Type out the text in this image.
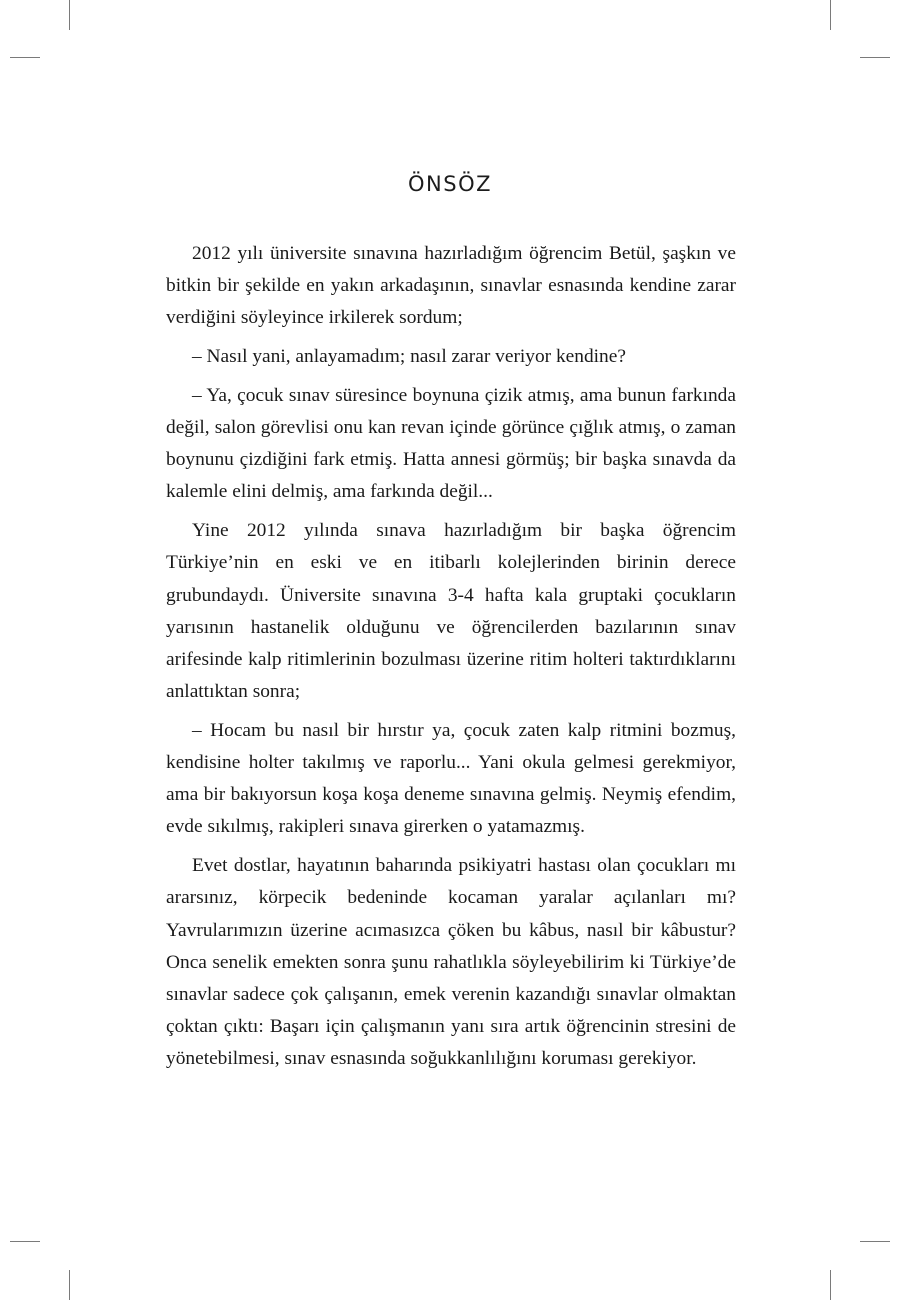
ÖNSÖZ

2012 yılı üniversite sınavına hazırladığım öğrencim Betül, şaşkın ve bitkin bir şekilde en yakın arkadaşının, sınavlar esnasında kendine zarar verdiğini söyleyince irkilerek sordum;

– Nasıl yani, anlayamadım; nasıl zarar veriyor kendine?

– Ya, çocuk sınav süresince boynuna çizik atmış, ama bunun farkında değil, salon görevlisi onu kan revan içinde görünce çığlık atmış, o zaman boynunu çizdiğini fark etmiş. Hatta annesi görmüş; bir başka sınavda da kalemle elini delmiş, ama farkında değil...

Yine 2012 yılında sınava hazırladığım bir başka öğrencim Türkiye’nin en eski ve en itibarlı kolejlerinden birinin derece grubundaydı. Üniversite sınavına 3-4 hafta kala gruptaki çocukların yarısının hastanelik olduğunu ve öğrencilerden bazılarının sınav arifesinde kalp ritimlerinin bozulması üzerine ritim holteri taktırdıklarını anlattıktan sonra;

– Hocam bu nasıl bir hırstır ya, çocuk zaten kalp ritmini bozmuş, kendisine holter takılmış ve raporlu... Yani okula gelmesi gerekmiyor, ama bir bakıyorsun koşa koşa deneme sınavına gelmiş. Neymiş efendim, evde sıkılmış, rakipleri sınava girerken o yatamazmış.

Evet dostlar, hayatının baharında psikiyatri hastası olan çocukları mı ararsınız, körpecik bedeninde kocaman yaralar açılanları mı? Yavrularımızın üzerine acımasızca çöken bu kâbus, nasıl bir kâbustur? Onca senelik emekten sonra şunu rahatlıkla söyleyebilirim ki Türkiye’de sınavlar sadece çok çalışanın, emek verenin kazandığı sınavlar olmaktan çoktan çıktı: Başarı için çalışmanın yanı sıra artık öğrencinin stresini de yönetebilmesi, sınav esnasında soğukkanlılığını koruması gerekiyor.
